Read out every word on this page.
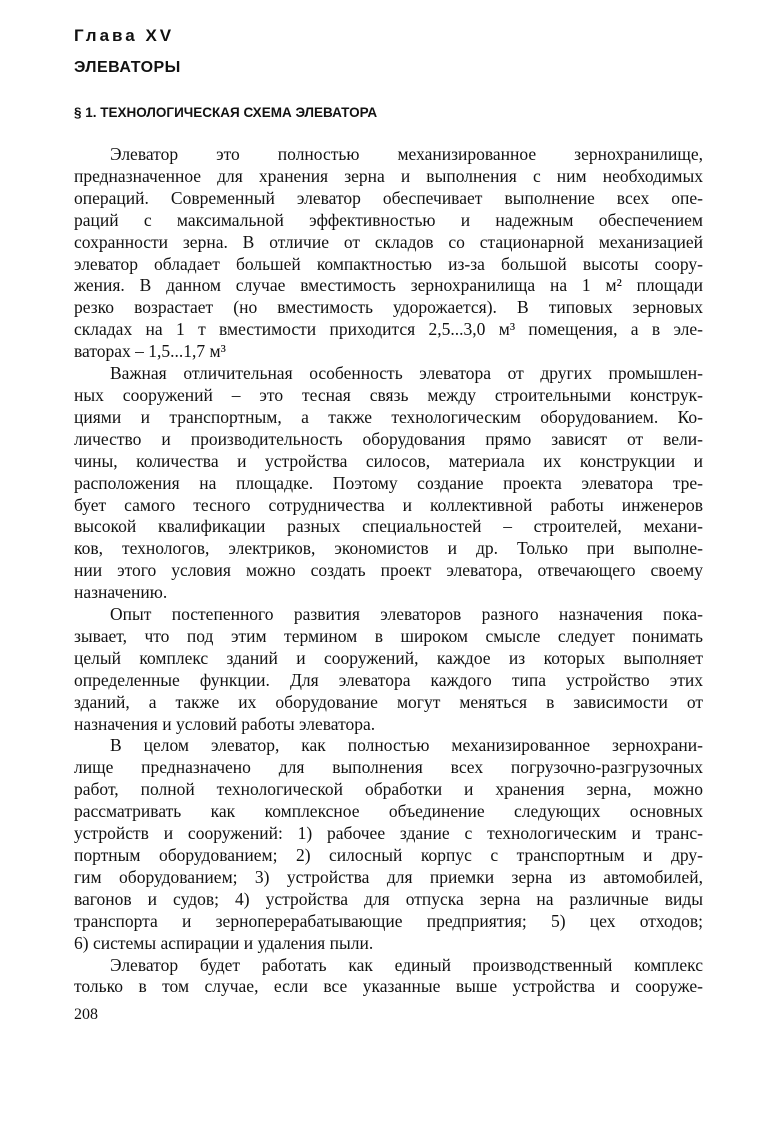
Глава XV
ЭЛЕВАТОРЫ
§ 1. ТЕХНОЛОГИЧЕСКАЯ СХЕМА ЭЛЕВАТОРА
Элеватор это полностью механизированное зернохранилище,
предназначенное для хранения зерна и выполнения с ним необходимых
операций. Современный элеватор обеспечивает выполнение всех опе-
раций с максимальной эффективностью и надежным обеспечением
сохранности зерна. В отличие от складов со стационарной механизацией
элеватор обладает большей компактностью из-за большой высоты соору-
жения. В данном случае вместимость зернохранилища на 1 м² площади
резко возрастает (но вместимость удорожается). В типовых зерновых
складах на 1 т вместимости приходится 2,5...3,0 м³ помещения, а в эле-
ваторах – 1,5...1,7 м³
Важная отличительная особенность элеватора от других промышлен-
ных сооружений – это тесная связь между строительными конструк-
циями и транспортным, а также технологическим оборудованием. Ко-
личество и производительность оборудования прямо зависят от вели-
чины, количества и устройства силосов, материала их конструкции и
расположения на площадке. Поэтому создание проекта элеватора тре-
бует самого тесного сотрудничества и коллективной работы инженеров
высокой квалификации разных специальностей – строителей, механи-
ков, технологов, электриков, экономистов и др. Только при выполне-
нии этого условия можно создать проект элеватора, отвечающего своему
назначению.
Опыт постепенного развития элеваторов разного назначения пока-
зывает, что под этим термином в широком смысле следует понимать
целый комплекс зданий и сооружений, каждое из которых выполняет
определенные функции. Для элеватора каждого типа устройство этих
зданий, а также их оборудование могут меняться в зависимости от
назначения и условий работы элеватора.
В целом элеватор, как полностью механизированное зернохрани-
лище предназначено для выполнения всех погрузочно-разгрузочных
работ, полной технологической обработки и хранения зерна, можно
рассматривать как комплексное объединение следующих основных
устройств и сооружений: 1) рабочее здание с технологическим и транс-
портным оборудованием; 2) силосный корпус с транспортным и дру-
гим оборудованием; 3) устройства для приемки зерна из автомобилей,
вагонов и судов; 4) устройства для отпуска зерна на различные виды
транспорта и зерноперерабатывающие предприятия; 5) цех отходов;
6) системы аспирации и удаления пыли.
Элеватор будет работать как единый производственный комплекс
только в том случае, если все указанные выше устройства и сооруже-
208
